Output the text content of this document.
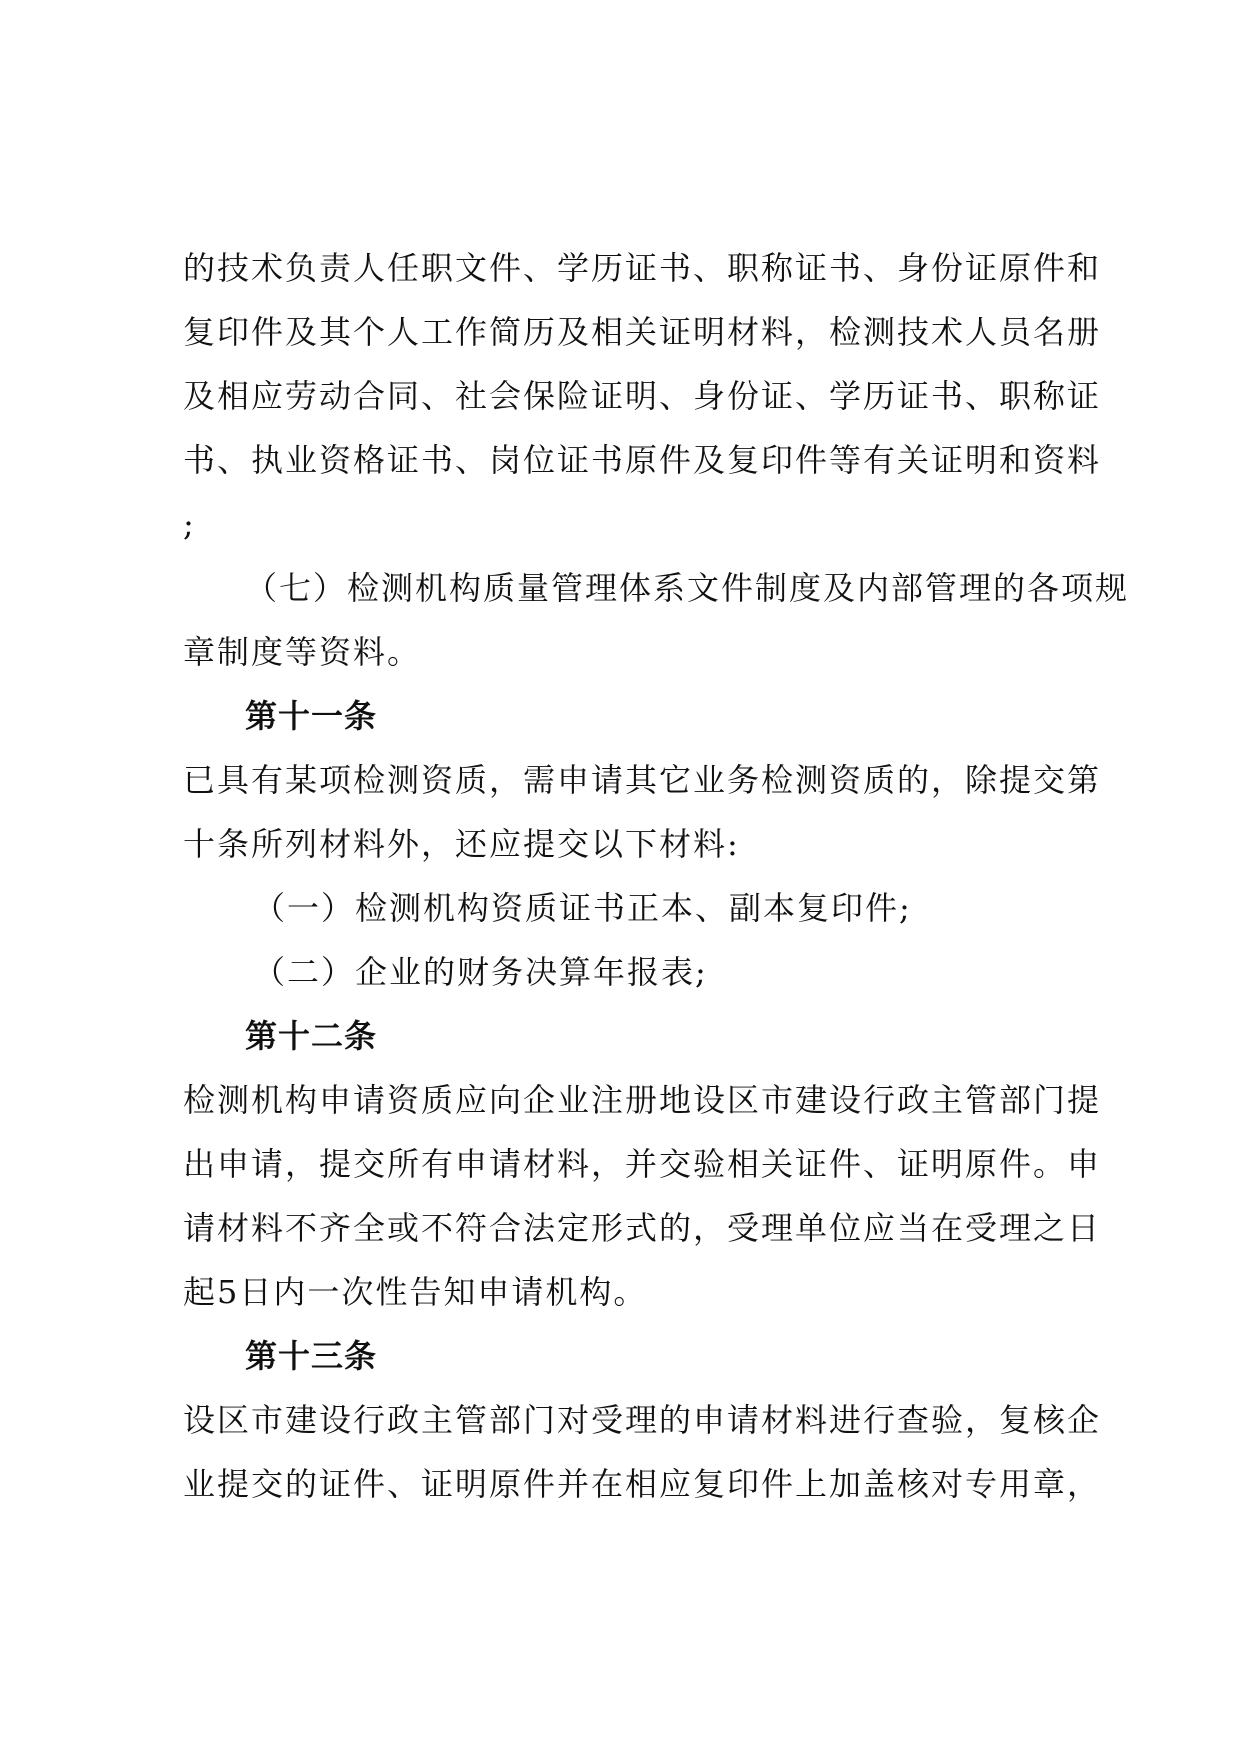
的技术负责人任职文件、学历证书、职称证书、身份证原件和
复印件及其个人工作简历及相关证明材料，检测技术人员名册
及相应劳动合同、社会保险证明、身份证、学历证书、职称证
书、执业资格证书、岗位证书原件及复印件等有关证明和资料
;
（七）检测机构质量管理体系文件制度及内部管理的各项规
章制度等资料。
第十一条
已具有某项检测资质，需申请其它业务检测资质的，除提交第
十条所列材料外，还应提交以下材料:
（一）检测机构资质证书正本、副本复印件;
（二）企业的财务决算年报表;
第十二条
检测机构申请资质应向企业注册地设区市建设行政主管部门提
出申请，提交所有申请材料，并交验相关证件、证明原件。申
请材料不齐全或不符合法定形式的，受理单位应当在受理之日
起5日内一次性告知申请机构。
第十三条
设区市建设行政主管部门对受理的申请材料进行查验，复核企
业提交的证件、证明原件并在相应复印件上加盖核对专用章，
